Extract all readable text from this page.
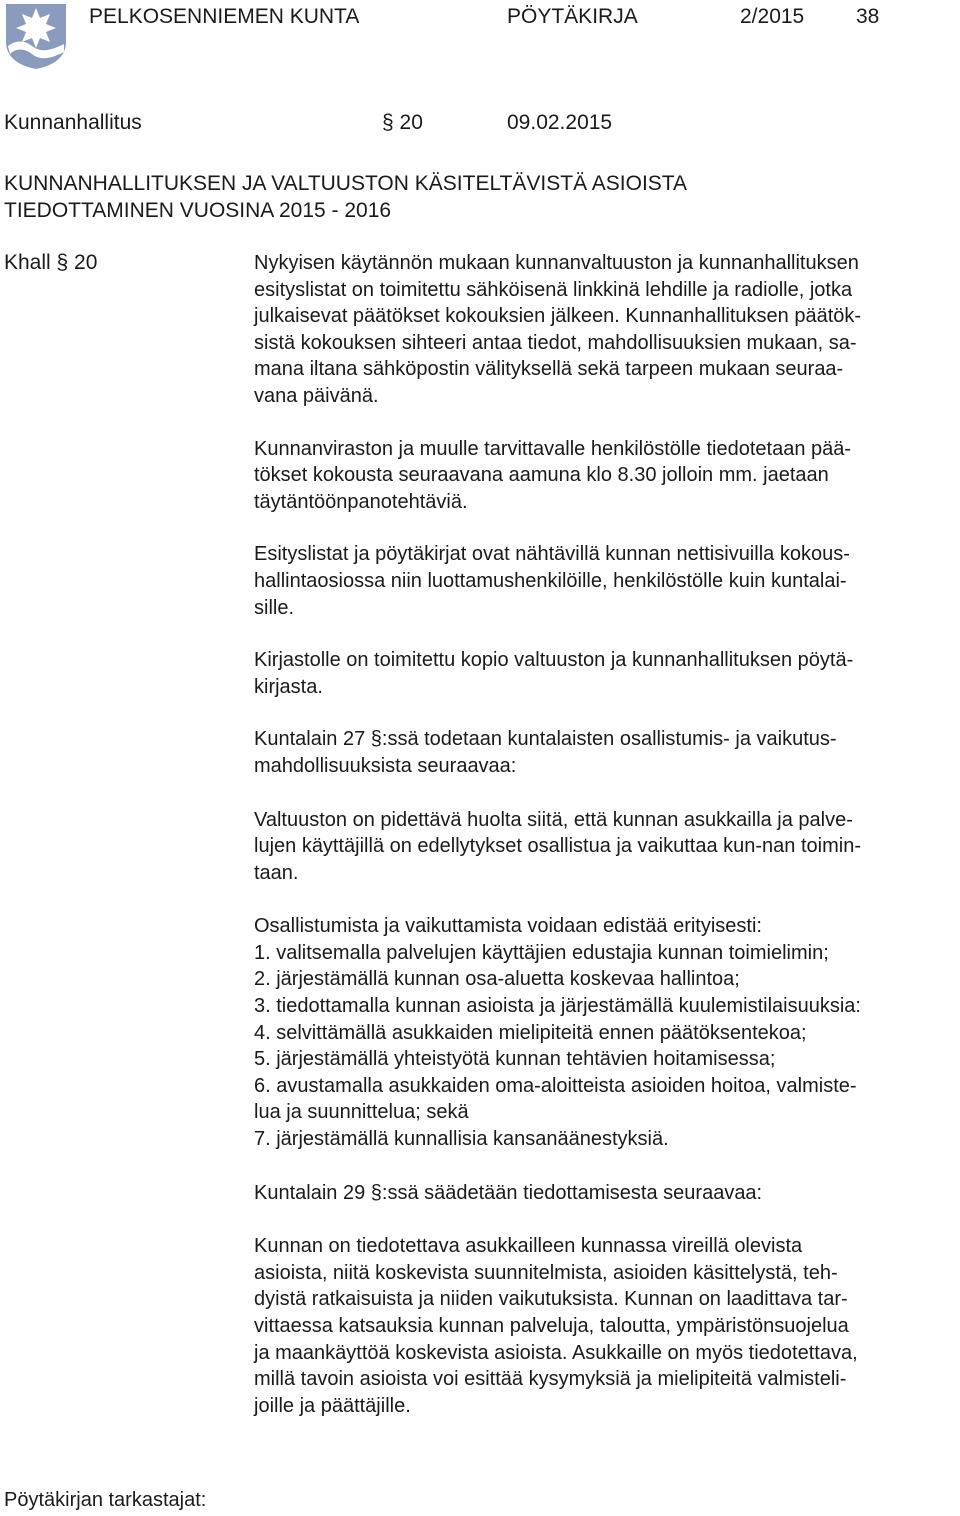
PELKOSENNIEMEN KUNTA	PÖYTÄKIRJA	2/2015 38
Kunnanhallitus	§ 20	09.02.2015
KUNNANHALLITUKSEN JA VALTUUSTON KÄSITELTÄVISTÄ ASIOISTA
TIEDOTTAMINEN VUOSINA 2015 - 2016
Khall § 20	Nykyisen käytännön mukaan kunnanvaltuuston ja kunnanhallituksen
esityslistat on toimitettu sähköisenä linkkinä lehdille ja radiolle, jotka
julkaisevat päätökset kokouksien jälkeen. Kunnanhallituksen päätök-
sistä kokouksen sihteeri antaa tiedot, mahdollisuuksien mukaan, sa-
mana iltana sähköpostin välityksellä sekä tarpeen mukaan seuraa-
vana päivänä.

Kunnanviraston ja muulle tarvittavalle henkilöstölle tiedotetaan pää-
tökset kokousta seuraavana aamuna klo 8.30 jolloin mm. jaetaan
täytäntöönpanotehtäviä.

Esityslistat ja pöytäkirjat ovat nähtävillä kunnan nettisivuilla kokous-
hallintaosiossa niin luottamushenkilöille, henkilöstölle kuin kuntalai-
sille.

Kirjastolle on toimitettu kopio valtuuston ja kunnanhallituksen pöytä-
kirjasta.

Kuntalain 27 §:ssä todetaan kuntalaisten osallistumis- ja vaikutus-
mahdollisuuksista seuraavaa:

Valtuuston on pidettävä huolta siitä, että kunnan asukkailla ja palve-
lujen käyttäjillä on edellytykset osallistua ja vaikuttaa kun-nan toimin-
taan.

Osallistumista ja vaikuttamista voidaan edistää erityisesti:
1. valitsemalla palvelujen käyttäjien edustajia kunnan toimielimin;
2. järjestämällä kunnan osa-aluetta koskevaa hallintoa;
3. tiedottamalla kunnan asioista ja järjestämällä kuulemistilaisuuksia:
4. selvittämällä asukkaiden mielipiteitä ennen päätöksentekoa;
5. järjestämällä yhteistyötä kunnan tehtävien hoitamisessa;
6. avustamalla asukkaiden oma-aloitteista asioiden hoitoa, valmiste-
lua ja suunnittelua; sekä
7. järjestämällä kunnallisia kansanäänestyksiä.

Kuntalain 29 §:ssä säädetään tiedottamisesta seuraavaa:

Kunnan on tiedotettava asukkailleen kunnassa vireillä olevista
asioista, niitä koskevista suunnitelmista, asioiden käsittelystä, teh-
dyistä ratkaisuista ja niiden vaikutuksista. Kunnan on laadittava tar-
vittaessa katsauksia kunnan palveluja, taloutta, ympäristönsuojelua
ja maankäyttöä koskevista asioista. Asukkaille on myös tiedotettava,
millä tavoin asioista voi esittää kysymyksiä ja mielipiteitä valmisteli-
joille ja päättäjille.

Pöytäkirjan tarkastajat:
